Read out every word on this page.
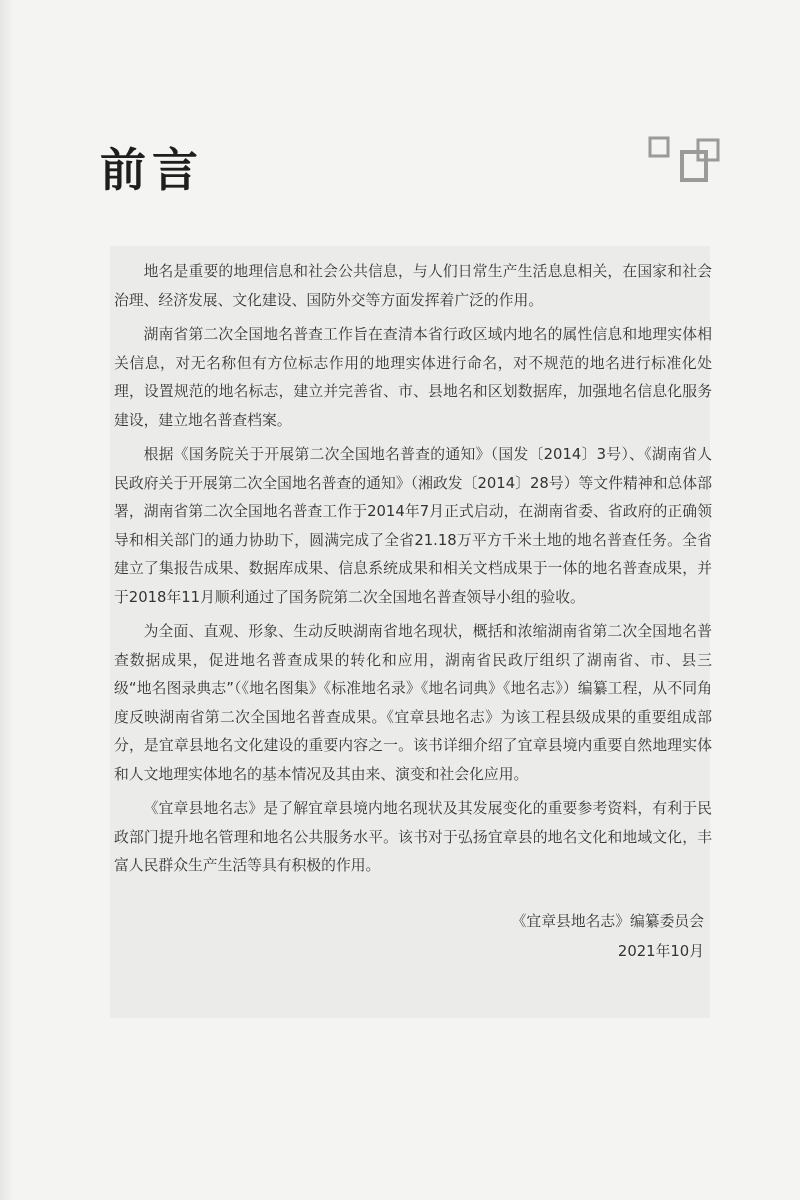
前言

地名是重要的地理信息和社会公共信息，与人们日常生产生活息息相关，在国家和社会治理、经济发展、文化建设、国防外交等方面发挥着广泛的作用。

湖南省第二次全国地名普查工作旨在查清本省行政区域内地名的属性信息和地理实体相关信息，对无名称但有方位标志作用的地理实体进行命名，对不规范的地名进行标准化处理，设置规范的地名标志，建立并完善省、市、县地名和区划数据库，加强地名信息化服务建设，建立地名普查档案。

根据《国务院关于开展第二次全国地名普查的通知》（国发〔2014〕3号）、《湖南省人民政府关于开展第二次全国地名普查的通知》（湘政发〔2014〕28号）等文件精神和总体部署，湖南省第二次全国地名普查工作于2014年7月正式启动，在湖南省委、省政府的正确领导和相关部门的通力协助下，圆满完成了全省21.18万平方千米土地的地名普查任务。全省建立了集报告成果、数据库成果、信息系统成果和相关文档成果于一体的地名普查成果，并于2018年11月顺利通过了国务院第二次全国地名普查领导小组的验收。

为全面、直观、形象、生动反映湖南省地名现状，概括和浓缩湖南省第二次全国地名普查数据成果，促进地名普查成果的转化和应用，湖南省民政厅组织了湖南省、市、县三级“地名图录典志”（《地名图集》《标准地名录》《地名词典》《地名志》）编纂工程，从不同角度反映湖南省第二次全国地名普查成果。《宜章县地名志》为该工程县级成果的重要组成部分，是宜章县地名文化建设的重要内容之一。该书详细介绍了宜章县境内重要自然地理实体和人文地理实体地名的基本情况及其由来、演变和社会化应用。

《宜章县地名志》是了解宜章县境内地名现状及其发展变化的重要参考资料，有利于民政部门提升地名管理和地名公共服务水平。该书对于弘扬宜章县的地名文化和地域文化，丰富人民群众生产生活等具有积极的作用。

《宜章县地名志》编纂委员会
2021年10月
